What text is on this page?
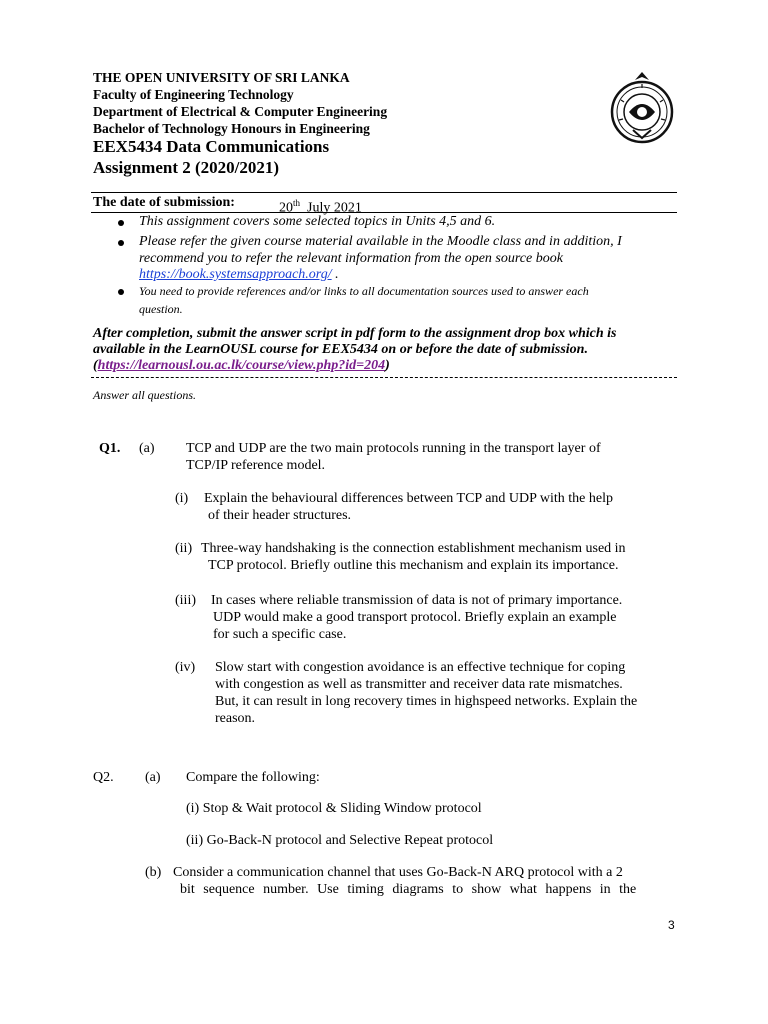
THE OPEN UNIVERSITY OF SRI LANKA
Faculty of Engineering Technology
Department of Electrical & Computer Engineering
Bachelor of Technology Honours in Engineering
EEX5434 Data Communications
Assignment 2 (2020/2021)
The date of submission:	20th July 2021
This assignment covers some selected topics in Units 4,5 and 6.
Please refer the given course material available in the Moodle class and in addition, I
recommend you to refer the relevant information from the open source book
https://book.systemsapproach.org/ .
You need to provide references and/or links to all documentation sources used to answer each
question.
After completion, submit the answer script in pdf form to the assignment drop box which is
available in the LearnOUSL course for EEX5434 on or before the date of submission.
(https://learnousl.ou.ac.lk/course/view.php?id=204)
Answer all questions.
Q1. (a) TCP and UDP are the two main protocols running in the transport layer of
TCP/IP reference model.
(i) Explain the behavioural differences between TCP and UDP with the help
of their header structures.
(ii) Three-way handshaking is the connection establishment mechanism used in
TCP protocol. Briefly outline this mechanism and explain its importance.
(iii) In cases where reliable transmission of data is not of primary importance.
UDP would make a good transport protocol. Briefly explain an example
for such a specific case.
(iv) Slow start with congestion avoidance is an effective technique for coping
with congestion as well as transmitter and receiver data rate mismatches.
But, it can result in long recovery times in highspeed networks. Explain the
reason.
Q2. (a) Compare the following:
(i) Stop & Wait protocol & Sliding Window protocol
(ii) Go-Back-N protocol and Selective Repeat protocol
(b) Consider a communication channel that uses Go-Back-N ARQ protocol with a 2
bit sequence number. Use timing diagrams to show what happens in the
3
